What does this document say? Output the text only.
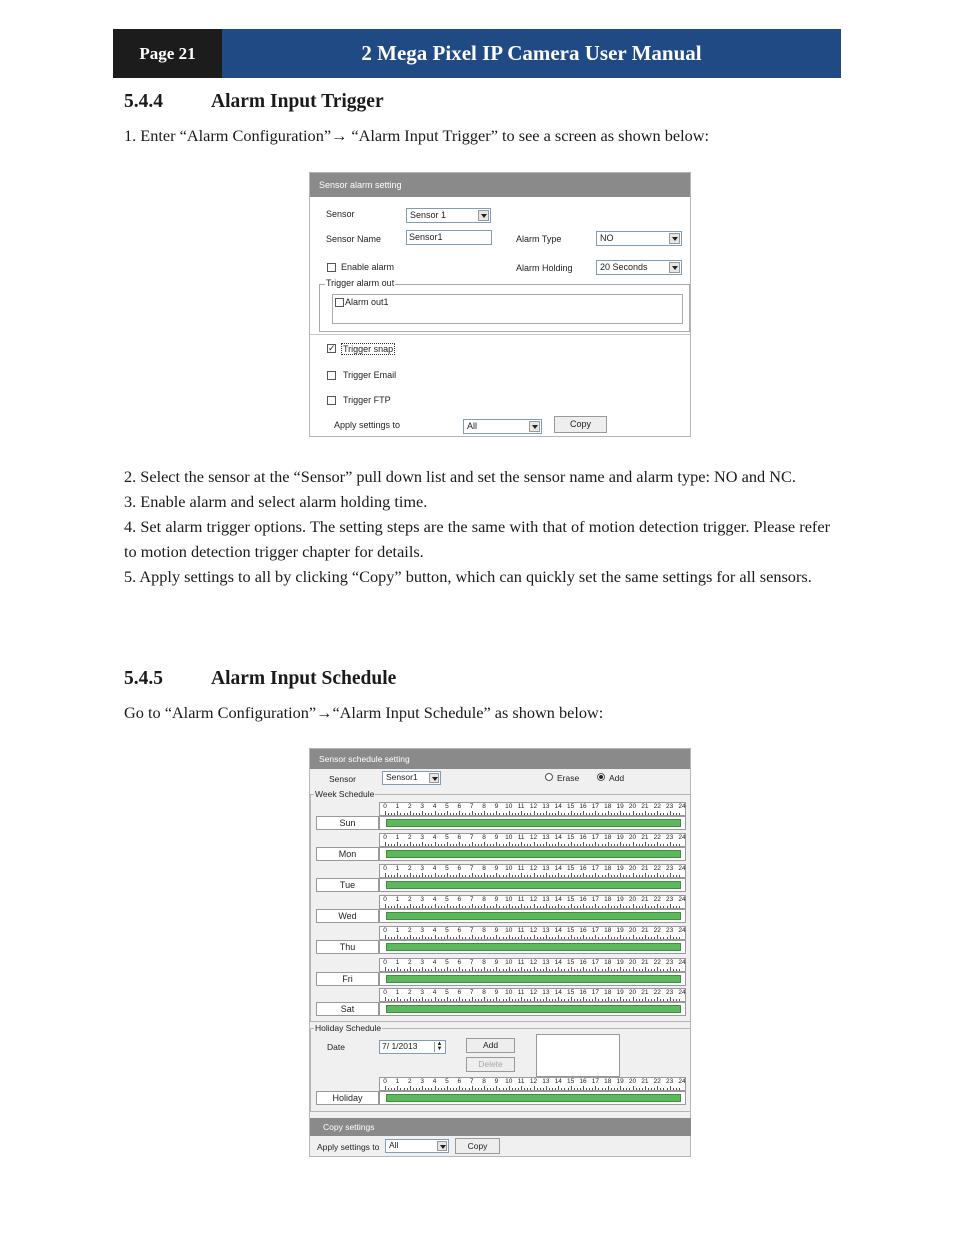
Page 21	2 Mega Pixel IP Camera User Manual
5.4.4 Alarm Input Trigger

1. Enter “Alarm Configuration”→ “Alarm Input Trigger” to see a screen as shown below:

Sensor alarm setting
Sensor	Sensor 1
Sensor Name	Sensor1	Alarm Type	NO
Enable alarm	Alarm Holding	20 Seconds
Trigger alarm out
Alarm out1
✓ Trigger snap
Trigger Email
Trigger FTP
Apply settings to	All	Copy

2. Select the sensor at the “Sensor” pull down list and set the sensor name and alarm type: NO and NC.

3. Enable alarm and select alarm holding time.

4. Set alarm trigger options. The setting steps are the same with that of motion detection trigger. Please refer to motion detection trigger chapter for details.

5. Apply settings to all by clicking “Copy” button, which can quickly set the same settings for all sensors.

5.4.5 Alarm Input Schedule

Go to “Alarm Configuration”→“Alarm Input Schedule” as shown below:

Sensor schedule setting
Sensor	Sensor1	Erase	Add
Week Schedule
0 1 2 3 4 5 6 7 8 9 10 11 12 13 14 15 16 17 18 19 20 21 22 23 24
Sun
0 1 2 3 4 5 6 7 8 9 10 11 12 13 14 15 16 17 18 19 20 21 22 23 24
Mon
0 1 2 3 4 5 6 7 8 9 10 11 12 13 14 15 16 17 18 19 20 21 22 23 24
Tue
0 1 2 3 4 5 6 7 8 9 10 11 12 13 14 15 16 17 18 19 20 21 22 23 24
Wed
0 1 2 3 4 5 6 7 8 9 10 11 12 13 14 15 16 17 18 19 20 21 22 23 24
Thu
0 1 2 3 4 5 6 7 8 9 10 11 12 13 14 15 16 17 18 19 20 21 22 23 24
Fri
0 1 2 3 4 5 6 7 8 9 10 11 12 13 14 15 16 17 18 19 20 21 22 23 24
Sat
Holiday Schedule
Date	7/ 1/2013	▲
▼	Add
Delete
0 1 2 3 4 5 6 7 8 9 10 11 12 13 14 15 16 17 18 19 20 21 22 23 24
Holiday
Copy settings
Apply settings to All	Copy
